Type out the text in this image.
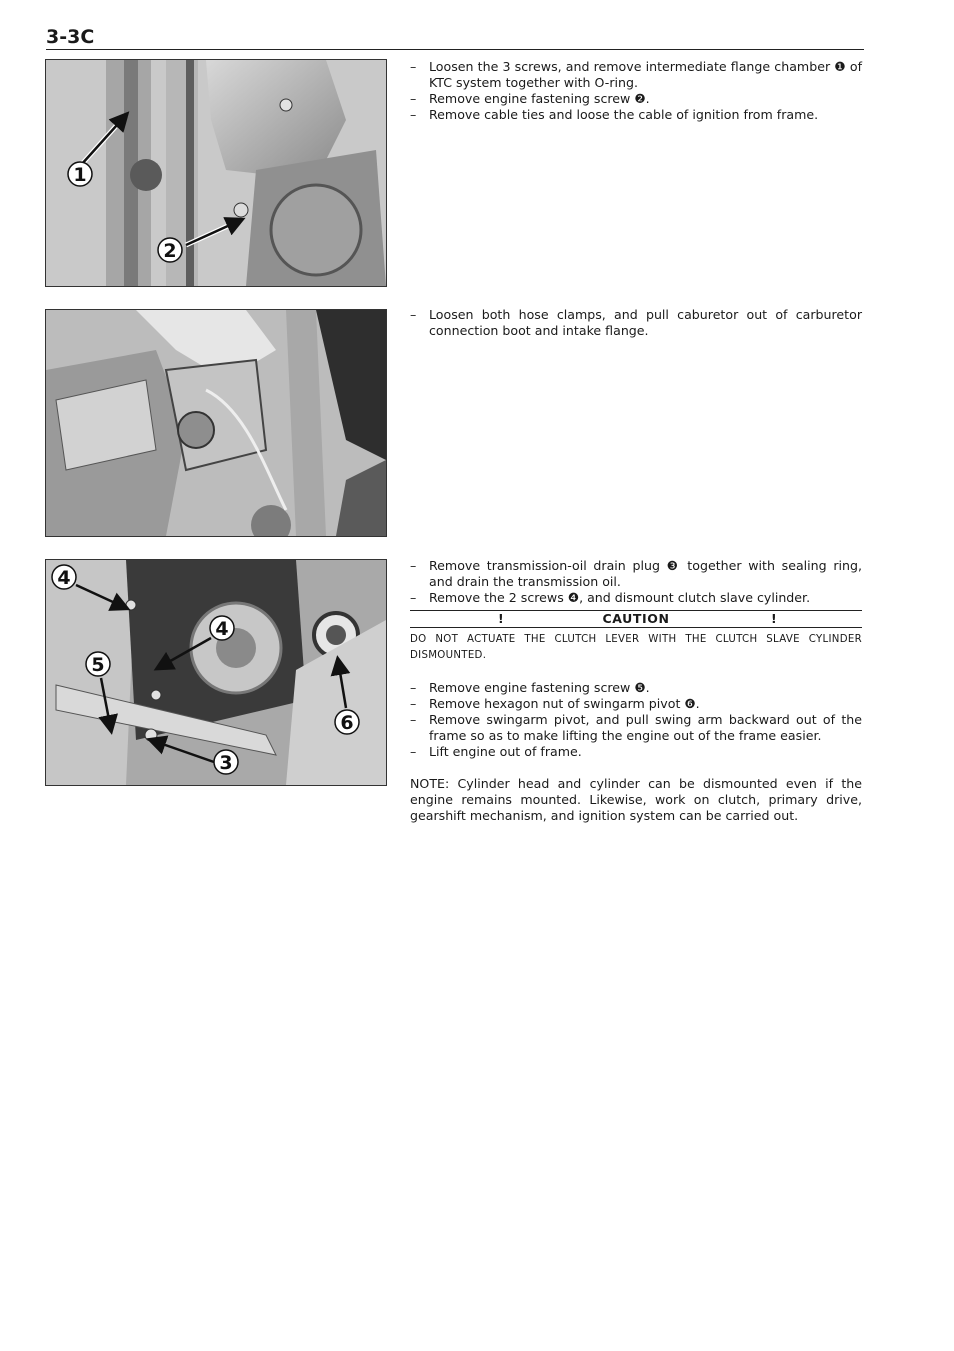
3-3C
1
2
– Loosen the 3 screws, and remove intermediate flange chamber ❶ of KTC system together with O-ring.
– Remove engine fastening screw ❷.
– Remove cable ties and loose the cable of ignition from frame.
– Loosen both hose clamps, and pull caburetor out of carburetor connection boot and intake flange.
4
4
5
6
3
– Remove transmission-oil drain plug ❸ together with sealing ring, and drain the transmission oil.
– Remove the 2 screws ❹, and dismount clutch slave cylinder.
!	CAUTION	!
DO NOT ACTUATE THE CLUTCH LEVER WITH THE CLUTCH SLAVE CYLINDER DISMOUNTED.
– Remove engine fastening screw ❺.
– Remove hexagon nut of swingarm pivot ❻.
– Remove swingarm pivot, and pull swing arm backward out of the frame so as to make lifting the engine out of the frame easier.
– Lift engine out of frame.
NOTE: Cylinder head and cylinder can be dismounted even if the engine remains mounted. Likewise, work on clutch, primary drive, gearshift mechanism, and ignition system can be carried out.
